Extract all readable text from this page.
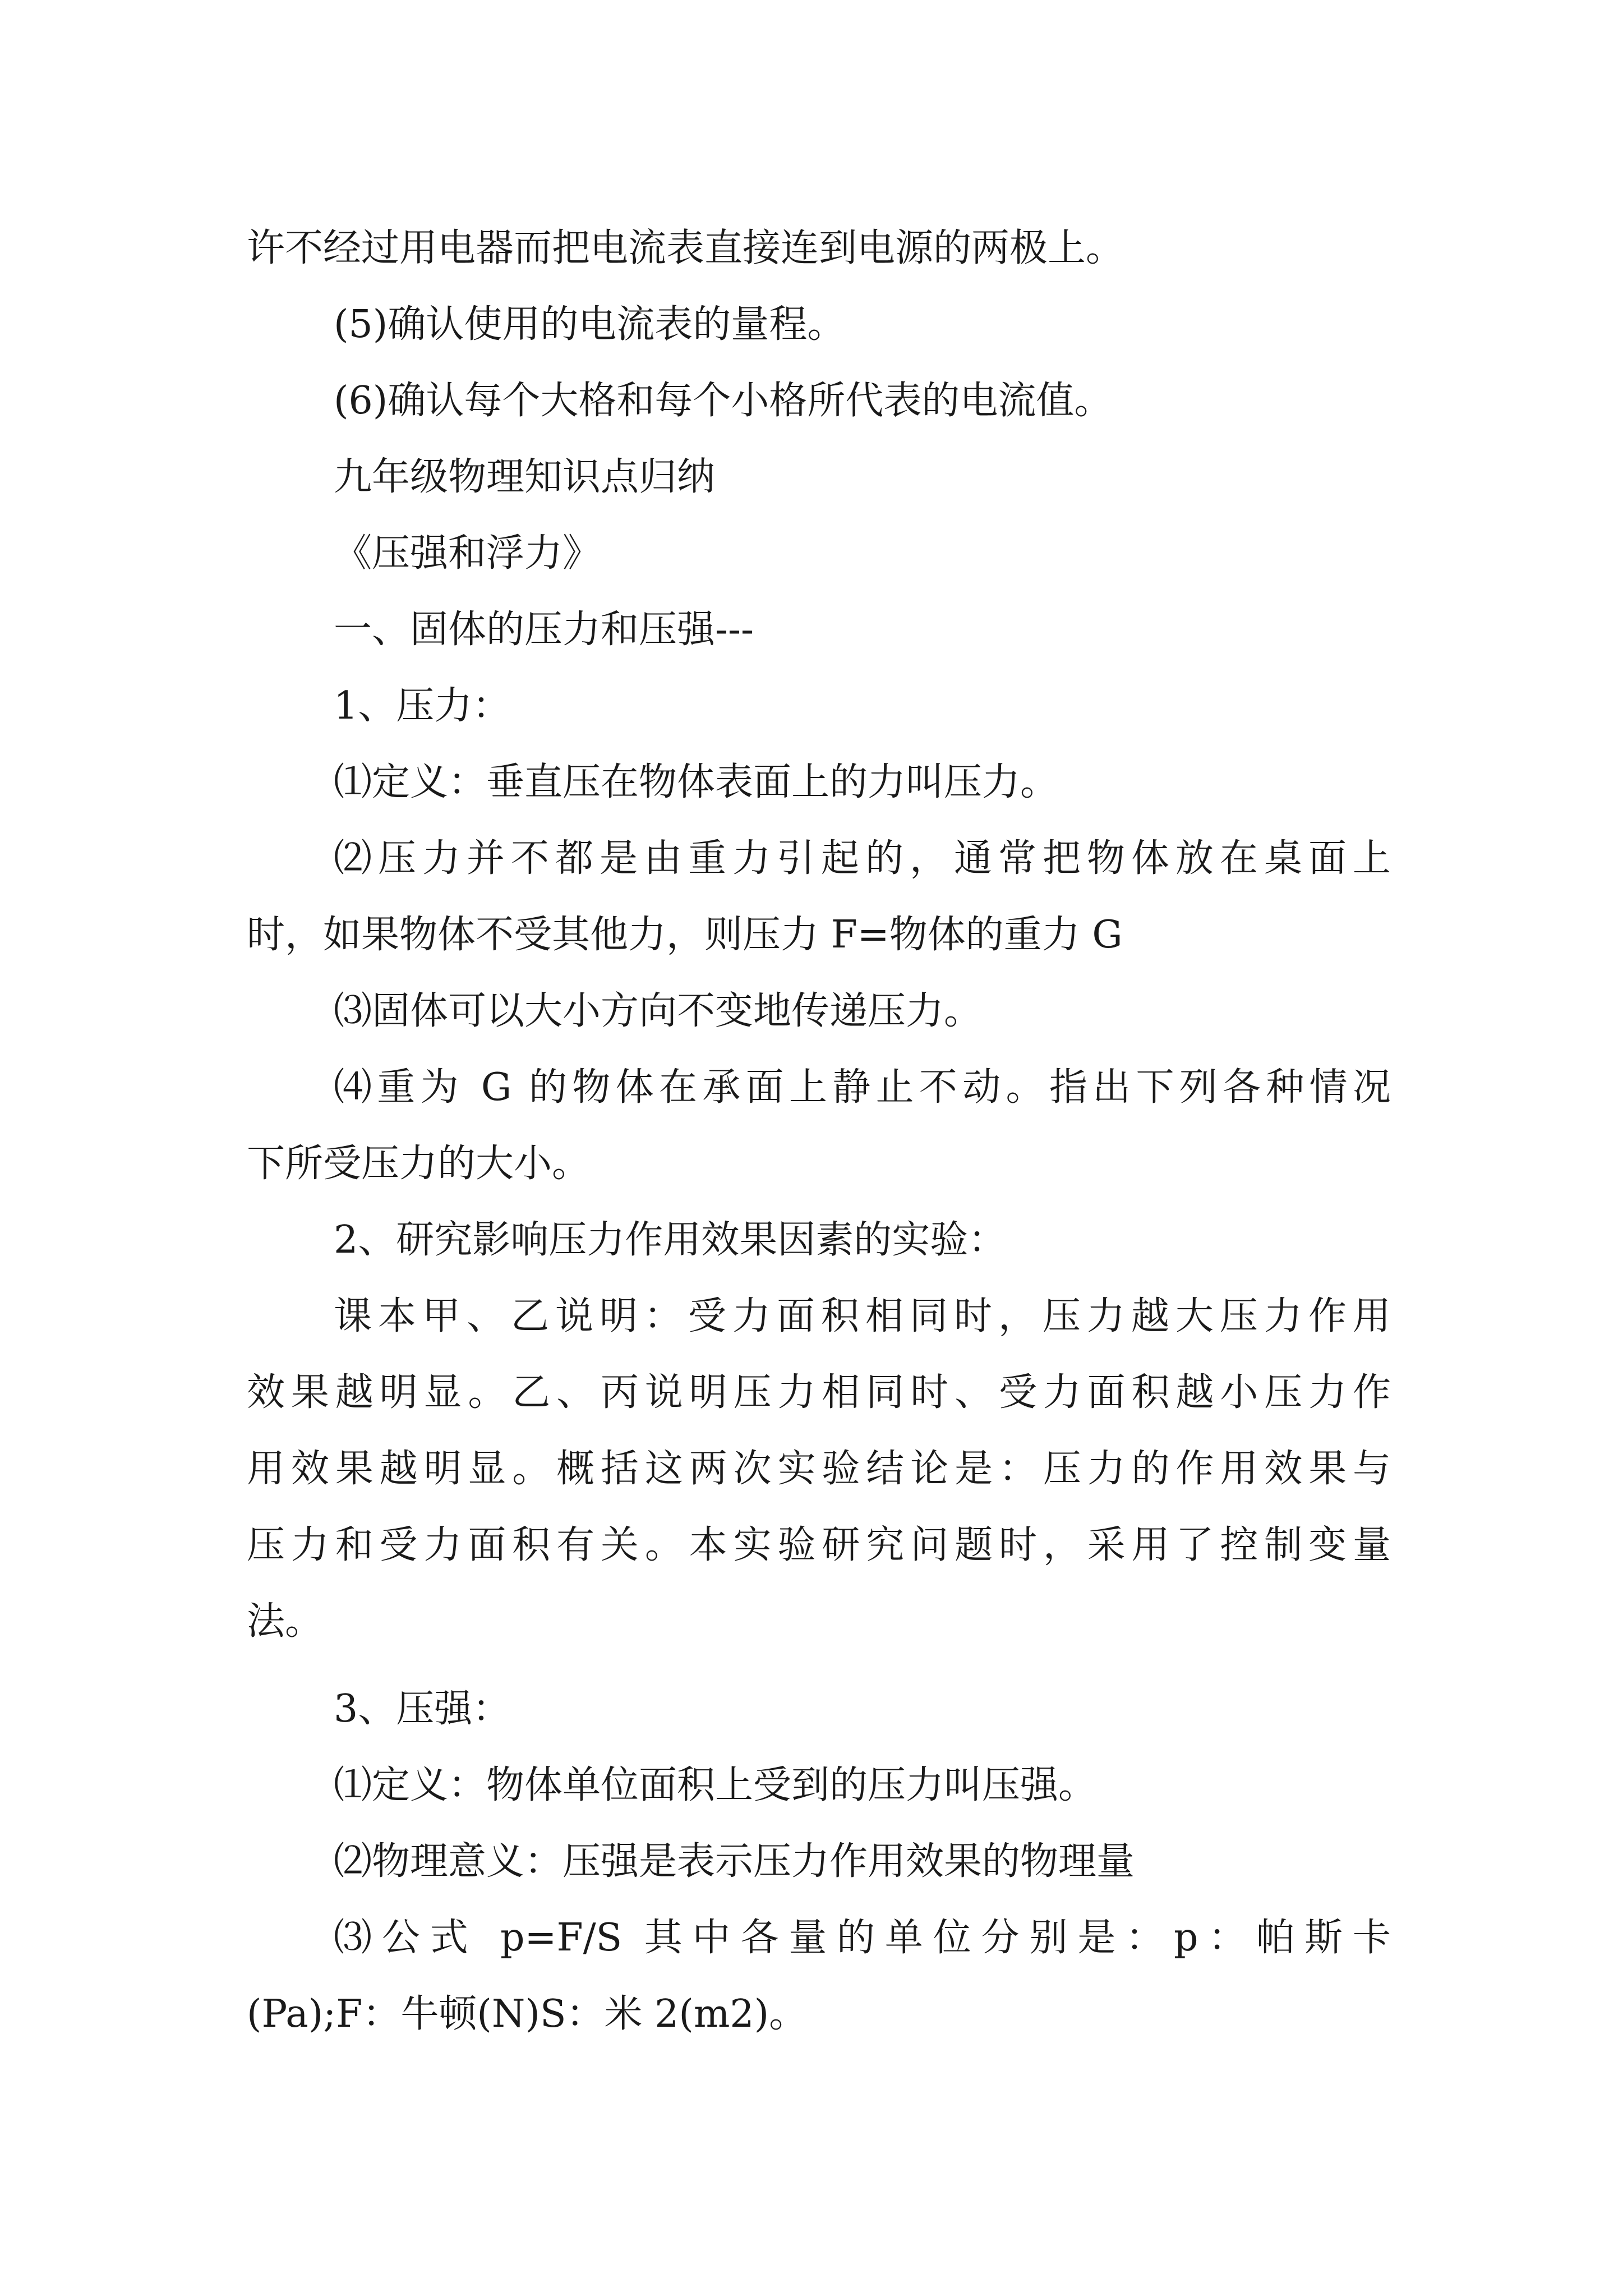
许不经过用电器而把电流表直接连到电源的两极上。
(5)确认使用的电流表的量程。
(6)确认每个大格和每个小格所代表的电流值。
九年级物理知识点归纳
《压强和浮力》
一、固体的压力和压强---
1、压力：
⑴定义：垂直压在物体表面上的力叫压力。
⑵压力并不都是由重力引起的，通常把物体放在桌面上
时，如果物体不受其他力，则压力 F=物体的重力 G
⑶固体可以大小方向不变地传递压力。
⑷重为 G 的物体在承面上静止不动。指出下列各种情况
下所受压力的大小。
2、研究影响压力作用效果因素的实验：
课本甲、乙说明：受力面积相同时，压力越大压力作用
效果越明显。乙、丙说明压力相同时、受力面积越小压力作
用效果越明显。概括这两次实验结论是：压力的作用效果与
压力和受力面积有关。本实验研究问题时，采用了控制变量
法。
3、压强：
⑴定义：物体单位面积上受到的压力叫压强。
⑵物理意义：压强是表示压力作用效果的物理量
⑶公式 p=F/S 其中各量的单位分别是：p：帕斯卡
(Pa);F：牛顿(N)S：米 2(m2)。
